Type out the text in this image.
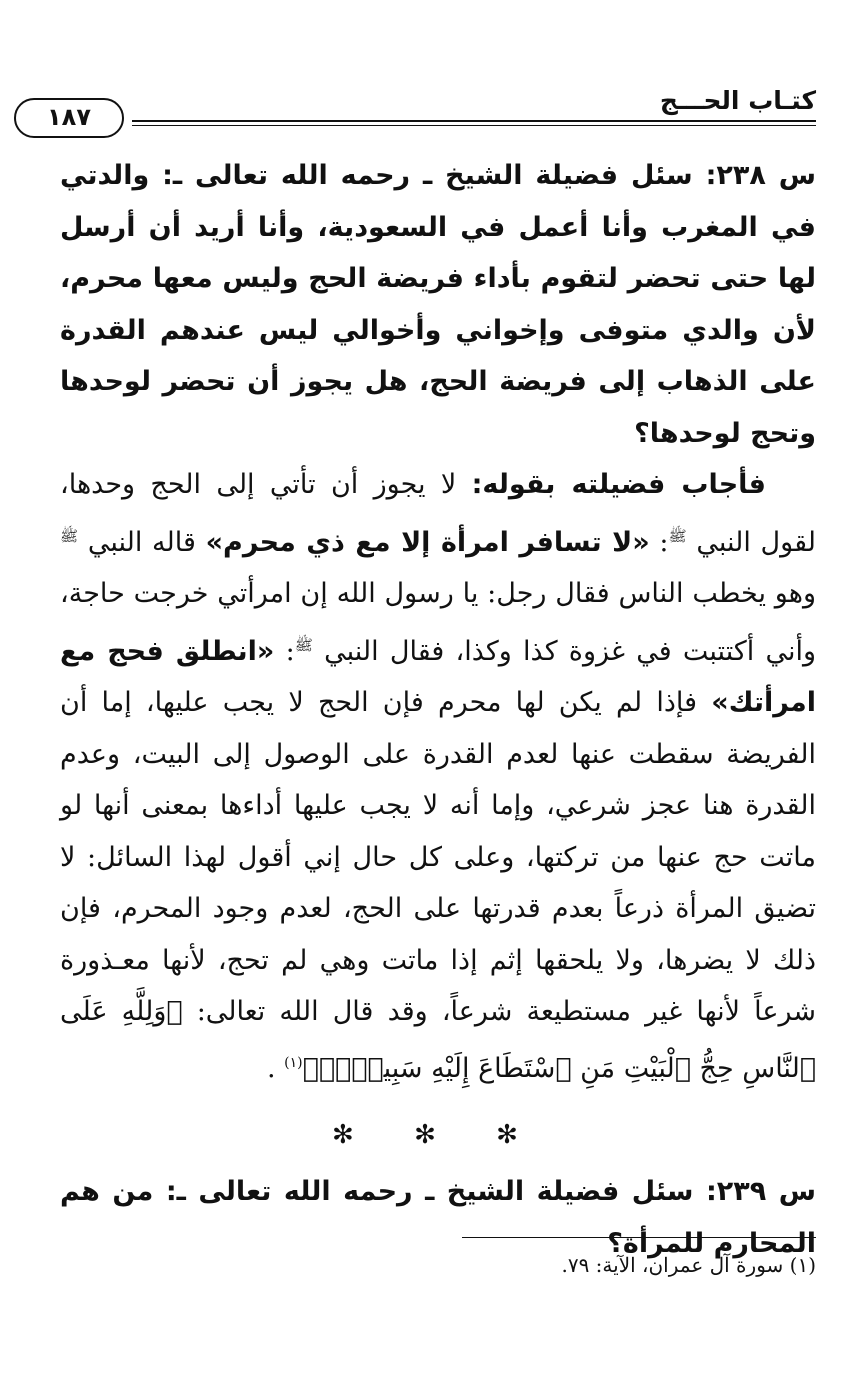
كتـاب الحـــج
١٨٧

س ٢٣٨: سئل فضيلة الشيخ ـ رحمه الله تعالى ـ: والدتي في المغرب وأنا أعمل في السعودية، وأنا أريد أن أرسل لها حتى تحضر لتقوم بأداء فريضة الحج وليس معها محرم، لأن والدي متوفى وإخواني وأخوالي ليس عندهم القدرة على الذهاب إلى فريضة الحج، هل يجوز أن تحضر لوحدها وتحج لوحدها؟

فأجاب فضيلته بقوله: لا يجوز أن تأتي إلى الحج وحدها، لقول النبي $^ﷺ$: «لا تسافر امرأة إلا مع ذي محرم» قاله النبي $^ﷺ$ وهو يخطب الناس فقال رجل: يا رسول الله إن امرأتي خرجت حاجة، وأني أكتتبت في غزوة كذا وكذا، فقال النبي $^ﷺ$: «انطلق فحج مع امرأتك» فإذا لم يكن لها محرم فإن الحج لا يجب عليها، إما أن الفريضة سقطت عنها لعدم القدرة على الوصول إلى البيت، وعدم القدرة هنا عجز شرعي، وإما أنه لا يجب عليها أداءها بمعنى أنها لو ماتت حج عنها من تركتها، وعلى كل حال إني أقول لهذا السائل: لا تضيق المرأة ذرعاً بعدم قدرتها على الحج، لعدم وجود المحرم، فإن ذلك لا يضرها، ولا يلحقها إثم إذا ماتت وهي لم تحج، لأنها معـذورة شرعاً لأنها غير مستطيعة شرعاً، وقد قال الله تعالى: ﴿وَلِلَّهِ عَلَى ٱلنَّاسِ حِجُّ ٱلْبَيْتِ مَنِ ٱسْتَطَاعَ إِلَيْهِ سَبِيلًاۚ﴾$^{(١)}$ .

✻ ✻ ✻

س ٢٣٩: سئل فضيلة الشيخ ـ رحمه الله تعالى ـ: من هم المحارم للمرأة؟

(١) سورة آل عمران، الآية: ٧٩.
